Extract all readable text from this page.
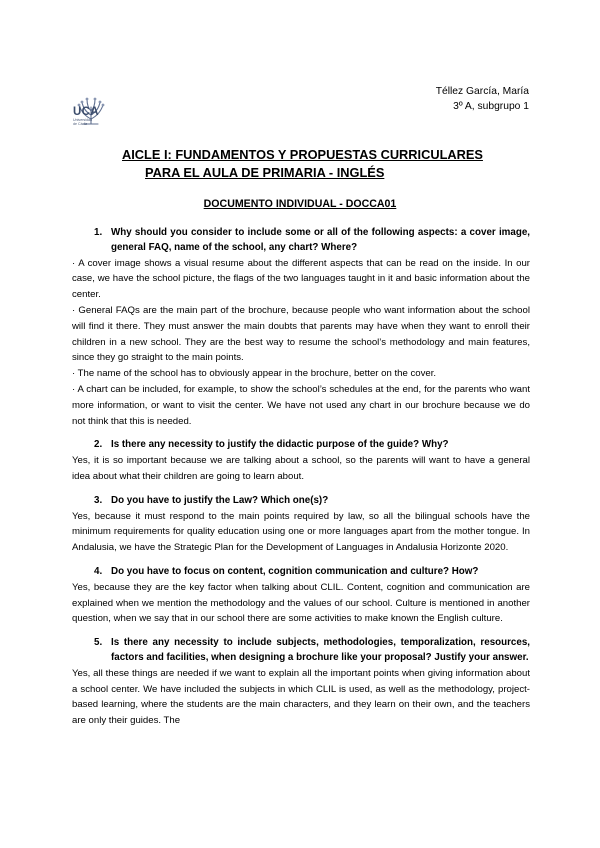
UCA
Universidad
de Cádiz
Téllez García, María
3º A, subgrupo 1
AICLE I: FUNDAMENTOS Y PROPUESTAS CURRICULARES
PARA EL AULA DE PRIMARIA - INGLÉS
DOCUMENTO INDIVIDUAL - DOCCA01
1. Why should you consider to include some or all of the following aspects: a cover image, general FAQ, name of the school, any chart? Where?

· A cover image shows a visual resume about the different aspects that can be read on the inside. In our case, we have the school picture, the flags of the two languages taught in it and basic information about the center.

· General FAQs are the main part of the brochure, because people who want information about the school will find it there. They must answer the main doubts that parents may have when they want to enroll their children in a new school. They are the best way to resume the school’s methodology and main features, since they go straight to the main points.

· The name of the school has to obviously appear in the brochure, better on the cover.

· A chart can be included, for example, to show the school’s schedules at the end, for the parents who want more information, or want to visit the center. We have not used any chart in our brochure because we do not think that this is needed.

2. Is there any necessity to justify the didactic purpose of the guide? Why?

Yes, it is so important because we are talking about a school, so the parents will want to have a general idea about what their children are going to learn about.

3. Do you have to justify the Law? Which one(s)?

Yes, because it must respond to the main points required by law, so all the bilingual schools have the minimum requirements for quality education using one or more languages apart from the mother tongue. In Andalusia, we have the Strategic Plan for the Development of Languages in Andalusia Horizonte 2020.

4. Do you have to focus on content, cognition communication and culture? How?

Yes, because they are the key factor when talking about CLIL. Content, cognition and communication are explained when we mention the methodology and the values of our school. Culture is mentioned in another question, when we say that in our school there are some activities to make known the English culture.

5. Is there any necessity to include subjects, methodologies, temporalization, resources, factors and facilities, when designing a brochure like your proposal? Justify your answer.

Yes, all these things are needed if we want to explain all the important points when giving information about a school center. We have included the subjects in which CLIL is used, as well as the methodology, project-based learning, where the students are the main characters, and they learn on their own, and the teachers are only their guides. The
